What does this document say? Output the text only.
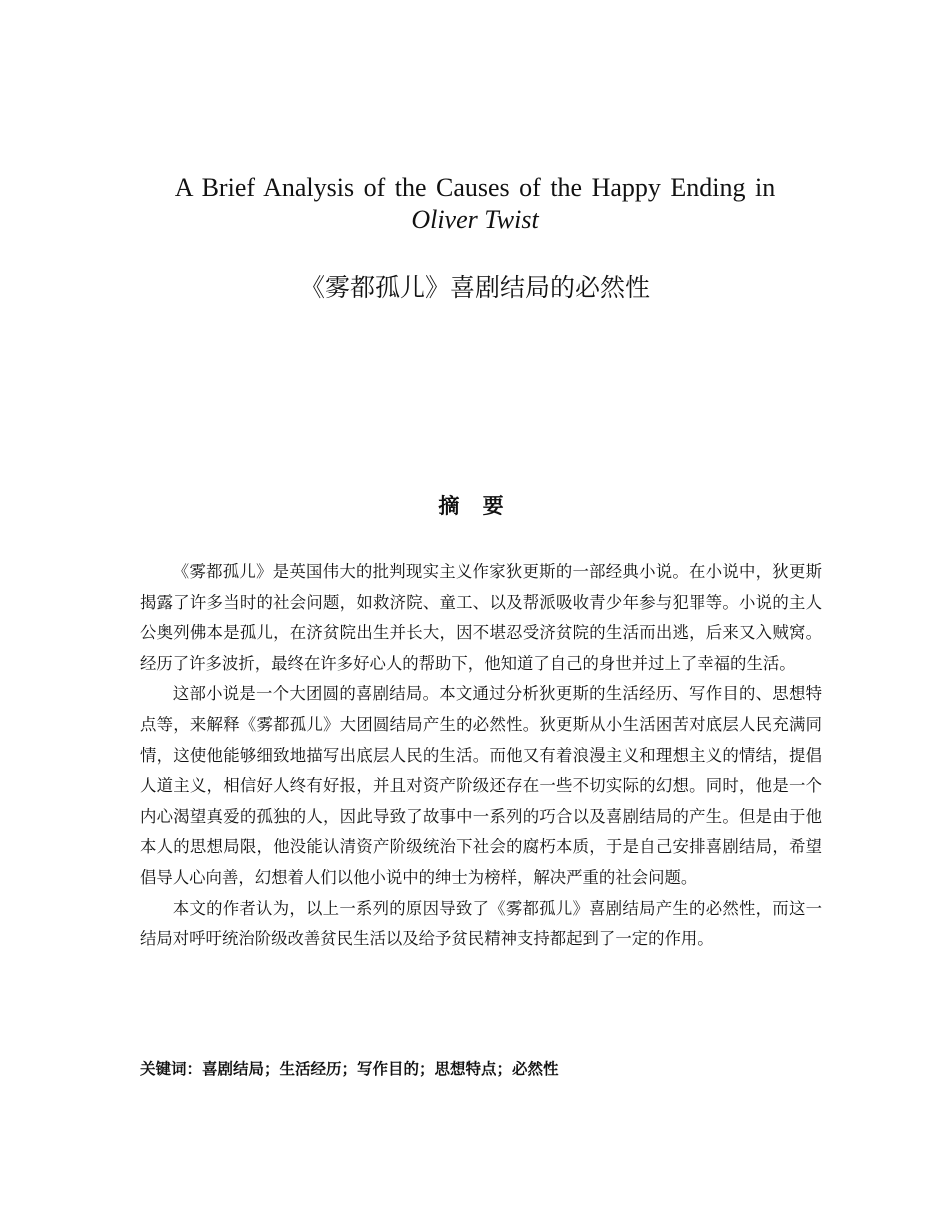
A Brief Analysis of the Causes of the Happy Ending in
Oliver Twist
《雾都孤儿》喜剧结局的必然性
摘 要

《雾都孤儿》是英国伟大的批判现实主义作家狄更斯的一部经典小说。在小说中，狄更斯揭露了许多当时的社会问题，如救济院、童工、以及帮派吸收青少年参与犯罪等。小说的主人公奥列佛本是孤儿，在济贫院出生并长大，因不堪忍受济贫院的生活而出逃，后来又入贼窝。经历了许多波折，最终在许多好心人的帮助下，他知道了自己的身世并过上了幸福的生活。

这部小说是一个大团圆的喜剧结局。本文通过分析狄更斯的生活经历、写作目的、思想特点等，来解释《雾都孤儿》大团圆结局产生的必然性。狄更斯从小生活困苦对底层人民充满同情，这使他能够细致地描写出底层人民的生活。而他又有着浪漫主义和理想主义的情结，提倡人道主义，相信好人终有好报，并且对资产阶级还存在一些不切实际的幻想。同时，他是一个内心渴望真爱的孤独的人，因此导致了故事中一系列的巧合以及喜剧结局的产生。但是由于他本人的思想局限，他没能认清资产阶级统治下社会的腐朽本质，于是自己安排喜剧结局，希望倡导人心向善，幻想着人们以他小说中的绅士为榜样，解决严重的社会问题。

本文的作者认为，以上一系列的原因导致了《雾都孤儿》喜剧结局产生的必然性，而这一结局对呼吁统治阶级改善贫民生活以及给予贫民精神支持都起到了一定的作用。

关键词：喜剧结局；生活经历；写作目的；思想特点；必然性
